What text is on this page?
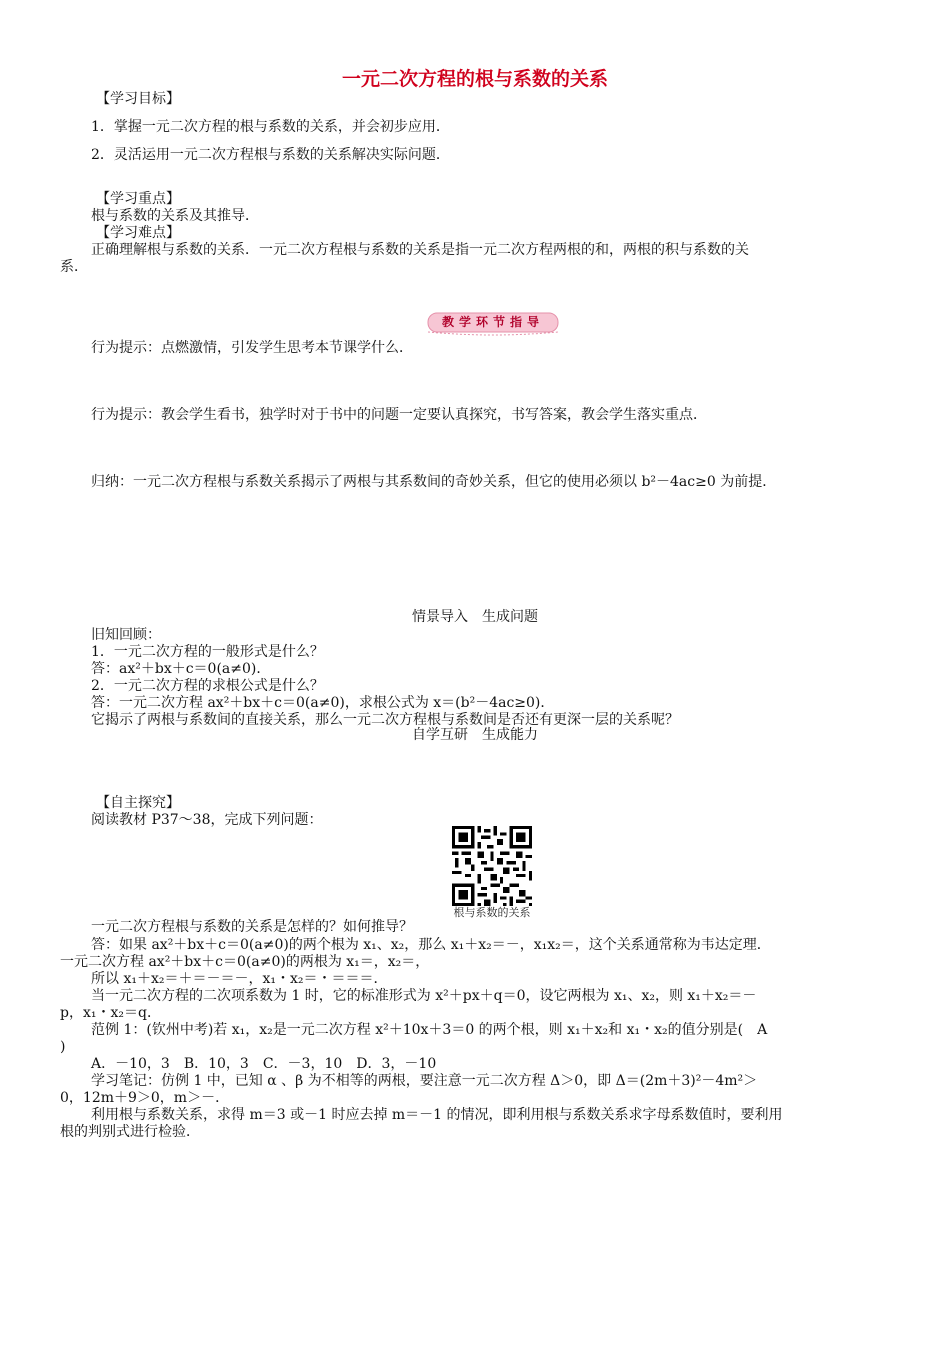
一元二次方程的根与系数的关系
【学习目标】
1．掌握一元二次方程的根与系数的关系，并会初步应用．
2．灵活运用一元二次方程根与系数的关系解决实际问题．
【学习重点】
根与系数的关系及其推导．
【学习难点】
正确理解根与系数的关系．一元二次方程根与系数的关系是指一元二次方程两根的和，两根的积与系数的关
系．
教学环节指导
行为提示：点燃激情，引发学生思考本节课学什么．
行为提示：教会学生看书，独学时对于书中的问题一定要认真探究，书写答案，教会学生落实重点．
归纳：一元二次方程根与系数关系揭示了两根与其系数间的奇妙关系，但它的使用必须以 b²－4ac≥0 为前提．
情景导入　生成问题
旧知回顾：
1．一元二次方程的一般形式是什么？
答：ax²＋bx＋c＝0(a≠0)．
2．一元二次方程的求根公式是什么？
答：一元二次方程 ax²＋bx＋c＝0(a≠0)，求根公式为 x＝(b²－4ac≥0)．
它揭示了两根与系数间的直接关系，那么一元二次方程根与系数间是否还有更深一层的关系呢？
自学互研　生成能力
【自主探究】
阅读教材 P37～38，完成下列问题：
根与系数的关系
一元二次方程根与系数的关系是怎样的？如何推导？
答：如果 ax²＋bx＋c＝0(a≠0)的两个根为 x₁、x₂，那么 x₁＋x₂＝－，x₁x₂＝，这个关系通常称为韦达定理．
一元二次方程 ax²＋bx＋c＝0(a≠0)的两根为 x₁＝，x₂＝，
所以 x₁＋x₂＝＋＝－＝－，x₁・x₂＝・＝＝＝．
当一元二次方程的二次项系数为 1 时，它的标准形式为 x²＋px＋q＝0，设它两根为 x₁、x₂，则 x₁＋x₂＝－
p，x₁・x₂＝q．
范例 1：(钦州中考)若 x₁，x₂是一元二次方程 x²＋10x＋3＝0 的两个根，则 x₁＋x₂和 x₁・x₂的值分别是(　A
)
A．－10，3　B．10，3　C．－3，10　D．3，－10
学习笔记：仿例 1 中，已知 α 、β 为不相等的两根，要注意一元二次方程 Δ＞0，即 Δ＝(2m＋3)²－4m²＞
0，12m＋9＞0，m＞－．
利用根与系数关系，求得 m＝3 或－1 时应去掉 m＝－1 的情况，即利用根与系数关系求字母系数值时，要利用
根的判别式进行检验．
